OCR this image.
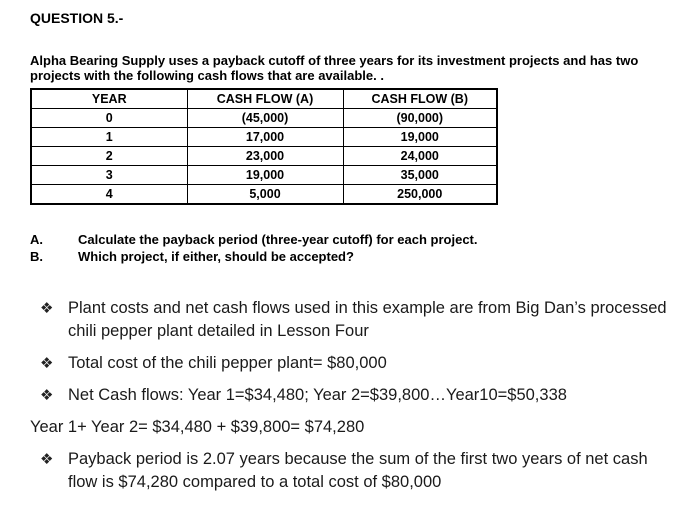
QUESTION 5.-
Alpha Bearing Supply uses a payback cutoff of three years for its investment projects and has two projects with the following cash flows that are available. .
YEAR	CASH FLOW (A)	CASH FLOW (B)
0	(45,000)	(90,000)
1	17,000	19,000
2	23,000	24,000
3	19,000	35,000
4	5,000	250,000
A.	Calculate the payback period (three-year cutoff) for each project.
B.	Which project, if either, should be accepted?
❖ Plant costs and net cash flows used in this example are from Big Dan’s processed chili pepper plant detailed in Lesson Four
❖ Total cost of the chili pepper plant= $80,000
❖ Net Cash flows: Year 1=$34,480; Year 2=$39,800…Year10=$50,338
Year 1+ Year 2= $34,480 + $39,800= $74,280
❖ Payback period is 2.07 years because the sum of the first two years of net cash flow is $74,280 compared to a total cost of $80,000
